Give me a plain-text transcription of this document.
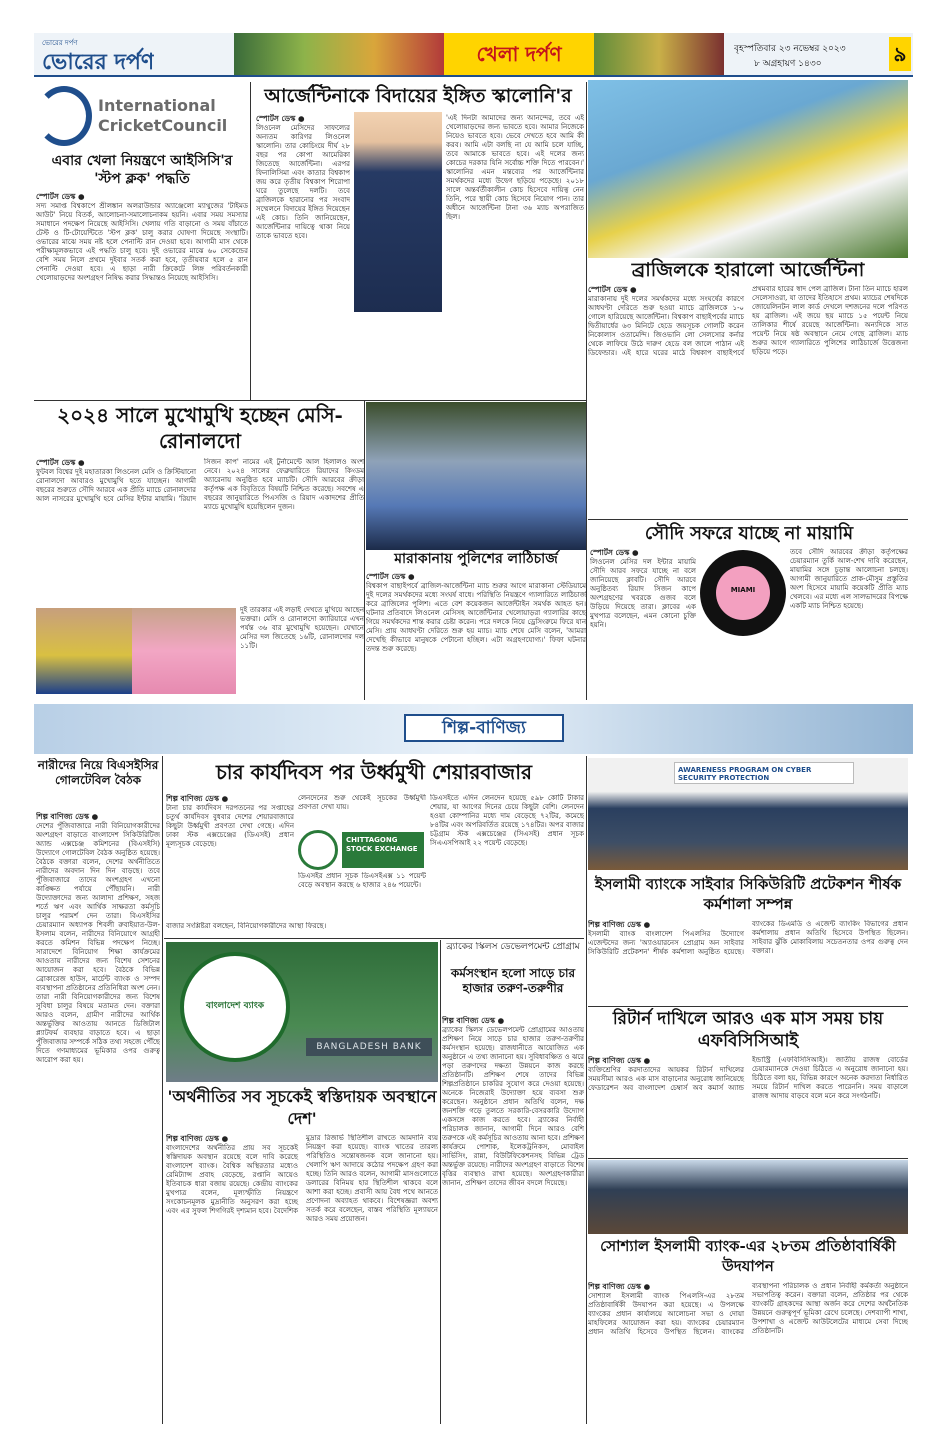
ভোরের দর্পণ
ভোরের দর্পণ	খেলা দর্পণ	বৃহস্পতিবার ২৩ নভেম্বর ২০২৩
৮ অগ্রহায়ণ ১৪৩০	৯
International
CricketCouncil
এবার খেলা নিয়ন্ত্রণে আইসিসি'র 'স্টপ ক্লক' পদ্ধতি
স্পোর্টস ডেস্ক ●
সদ্য সমাপ্ত বিশ্বকাপে শ্রীলঙ্কান অলরাউন্ডার অ্যাঞ্জেলো ম্যাথুজের 'টাইমড আউট' নিয়ে বিতর্ক, আলোচনা-সমালোচনাকম হয়নি। এবার সময় সমস্যার সমাধানে পদক্ষেপ নিয়েছে আইসিসি। খেলায় গতি বাড়ানো ও সময় বাঁচাতে টেস্ট ও টি-টোয়েন্টিতে 'স্টপ ক্লক' চালু করার ঘোষণা দিয়েছে সংস্থাটি। ওভারের মাঝে সময় নষ্ট হলে পেনাল্টি রান দেওয়া হবে। আগামী মাস থেকে পরীক্ষামূলকভাবে এই পদ্ধতি চালু হবে। দুই ওভারের মাঝে ৬০ সেকেন্ডের বেশি সময় নিলে প্রথমে দুইবার সতর্ক করা হবে, তৃতীয়বার হলে ৫ রান পেনাল্টি দেওয়া হবে। এ ছাড়া নারী ক্রিকেটে লিঙ্গ পরিবর্তনকারী খেলোয়াড়দের অংশগ্রহণ নিষিদ্ধ করার সিদ্ধান্তও নিয়েছে আইসিসি।
আর্জেন্টিনাকে বিদায়ের ইঙ্গিত স্কালোনি'র
স্পোর্টস ডেস্ক ●
লিওনেল মেসিদের সাফল্যের অন্যতম কারিগর লিওনেল স্কালোনি। তার কোচিংয়ে দীর্ঘ ২৮ বছর পর কোপা আমেরিকা জিতেছে আর্জেন্টিনা। এরপর ফিনালিসিমা এবং কাতার বিশ্বকাপ জয় করে তৃতীয় বিশ্বকাপ শিরোপা ঘরে তুলেছে দলটি। তবে ব্রাজিলকে হারানোর পর সংবাদ সম্মেলনে বিদায়ের ইঙ্গিত দিয়েছেন এই কোচ। তিনি জানিয়েছেন, আর্জেন্টিনার দায়িত্বে থাকা নিয়ে তাকে ভাবতে হবে।
'এই দিনটা আমাদের জন্য আনন্দের, তবে এই খেলোয়াড়দের জন্য ভাবতে হবে। আমার নিজেকে নিয়েও ভাবতে হবে। ভেবে দেখতে হবে আমি কী করব। আমি এটা বলছি না যে আমি চলে যাচ্ছি, তবে আমাকে ভাবতে হবে। এই দলের জন্য কোচের দরকার যিনি সর্বোচ্চ শক্তি দিতে পারবেন।' স্কালোনির এমন মন্তব্যের পর আর্জেন্টিনার সমর্থকদের মধ্যে উদ্বেগ ছড়িয়ে পড়েছে। ২০১৮ সালে অন্তর্বর্তীকালীন কোচ হিসেবে দায়িত্ব নেন তিনি, পরে স্থায়ী কোচ হিসেবে নিয়োগ পান। তার অধীনে আর্জেন্টিনা টানা ৩৬ ম্যাচ অপরাজিত ছিল।
ব্রাজিলকে হারালো আর্জেন্টিনা
স্পোর্টস ডেস্ক ●
মারাকানায় দুই দলের সমর্থকদের মধ্যে সংঘর্ষের কারণে আধঘণ্টা দেরিতে শুরু হওয়া ম্যাচে ব্রাজিলকে ১-০ গোলে হারিয়েছে আর্জেন্টিনা। বিশ্বকাপ বাছাইপর্বের ম্যাচে দ্বিতীয়ার্ধের ৬৩ মিনিটে হেডে জয়সূচক গোলটি করেন নিকোলাস ওতামেন্দি। জিওভানি লো সেলসোর কর্নার থেকে লাফিয়ে উঠে দারুণ হেডে বল জালে পাঠান এই ডিফেন্ডার। এই হারে ঘরের মাঠে বিশ্বকাপ বাছাইপর্বে প্রথমবার হারের স্বাদ পেল ব্রাজিল। টানা তিন ম্যাচে হারল সেলেসাওরা, যা তাদের ইতিহাসে প্রথম। ম্যাচের শেষদিকে জোয়েলিনটন লাল কার্ড দেখলে দশজনের দলে পরিণত হয় ব্রাজিল। এই জয়ে ছয় ম্যাচে ১৫ পয়েন্ট নিয়ে তালিকার শীর্ষে রয়েছে আর্জেন্টিনা। অন্যদিকে সাত পয়েন্ট নিয়ে ষষ্ঠ অবস্থানে নেমে গেছে ব্রাজিল। ম্যাচ শুরুর আগে গ্যালারিতে পুলিশের লাঠিচার্জে উত্তেজনা ছড়িয়ে পড়ে।
২০২৪ সালে মুখোমুখি হচ্ছেন মেসি-রোনালদো
স্পোর্টস ডেস্ক ●
ফুটবল বিশ্বের দুই মহাতারকা লিওনেল মেসি ও ক্রিস্টিয়ানো রোনালদো আবারও মুখোমুখি হতে যাচ্ছেন। আগামী বছরের শুরুতে সৌদি আরবে এক প্রীতি ম্যাচে রোনালদোর আল নাসরের মুখোমুখি হবে মেসির ইন্টার মায়ামি। 'রিয়াদ সিজন কাপ' নামের এই টুর্নামেন্টে আল হিলালও অংশ নেবে। ২০২৪ সালের ফেব্রুয়ারিতে রিয়াদের কিংডম অ্যারেনায় অনুষ্ঠিত হবে ম্যাচটি। সৌদি আরবের ক্রীড়া কর্তৃপক্ষ এক বিবৃতিতে বিষয়টি নিশ্চিত করেছে। সবশেষ এ বছরের জানুয়ারিতে পিএসজি ও রিয়াদ একাদশের প্রীতি ম্যাচে মুখোমুখি হয়েছিলেন দুজন।
দুই তারকার এই লড়াই দেখতে মুখিয়ে আছেন ভক্তরা। মেসি ও রোনালদো ক্যারিয়ারে এখন পর্যন্ত ৩৬ বার মুখোমুখি হয়েছেন। যেখানে মেসির দল জিতেছে ১৬টি, রোনালদোর দল ১১টি।
মারাকানায় পুলিশের লাঠিচার্জ
স্পোর্টস ডেস্ক ●
বিশ্বকাপ বাছাইপর্বে ব্রাজিল-আর্জেন্টিনা ম্যাচ শুরুর আগে মারাকানা স্টেডিয়ামে দুই দলের সমর্থকদের মধ্যে সংঘর্ষ বাধে। পরিস্থিতি নিয়ন্ত্রণে গ্যালারিতে লাঠিচার্জ করে ব্রাজিলের পুলিশ। এতে বেশ কয়েকজন আর্জেন্টাইন সমর্থক আহত হন। ঘটনার প্রতিবাদে লিওনেল মেসিসহ আর্জেন্টিনার খেলোয়াড়রা গ্যালারির কাছে গিয়ে সমর্থকদের শান্ত করার চেষ্টা করেন। পরে দলকে নিয়ে ড্রেসিংরুমে ফিরে যান মেসি। প্রায় আধঘণ্টা দেরিতে শুরু হয় ম্যাচ। ম্যাচ শেষে মেসি বলেন, 'আমরা দেখেছি কীভাবে মানুষকে পেটানো হচ্ছিল। এটা অগ্রহণযোগ্য।' ফিফা ঘটনার তদন্ত শুরু করেছে।
সৌদি সফরে যাচ্ছে না মায়ামি
স্পোর্টস ডেস্ক ●
লিওনেল মেসির দল ইন্টার মায়ামি সৌদি আরব সফরে যাচ্ছে না বলে জানিয়েছে ক্লাবটি। সৌদি আরবে অনুষ্ঠিতব্য রিয়াদ সিজন কাপে অংশগ্রহণের খবরকে গুজব বলে উড়িয়ে দিয়েছে তারা। ক্লাবের এক মুখপাত্র বলেছেন, এমন কোনো চুক্তি হয়নি।
MIAMI
তবে সৌদি আরবের ক্রীড়া কর্তৃপক্ষের চেয়ারম্যান তুর্কি আল-শেখ দাবি করেছেন, মায়ামির সঙ্গে চূড়ান্ত আলোচনা চলছে। আগামী জানুয়ারিতে প্রাক-মৌসুম প্রস্তুতির অংশ হিসেবে মায়ামি কয়েকটি প্রীতি ম্যাচ খেলবে। এর মধ্যে এল সালভাদরের বিপক্ষে একটি ম্যাচ নিশ্চিত হয়েছে।
শিল্প-বাণিজ্য
নারীদের নিয়ে বিএসইসির গোলটেবিল বৈঠক
শিল্প বাণিজ্য ডেস্ক ●
দেশের পুঁজিবাজারে নারী বিনিয়োগকারীদের অংশগ্রহণ বাড়াতে বাংলাদেশ সিকিউরিটিজ অ্যান্ড এক্সচেঞ্জ কমিশনের (বিএসইসি) উদ্যোগে গোলটেবিল বৈঠক অনুষ্ঠিত হয়েছে। বৈঠকে বক্তারা বলেন, দেশের অর্থনীতিতে নারীদের অবদান দিন দিন বাড়ছে। তবে পুঁজিবাজারে তাদের অংশগ্রহণ এখনো কাঙ্ক্ষিত পর্যায়ে পৌঁছায়নি। নারী উদ্যোক্তাদের জন্য আলাদা প্রশিক্ষণ, সহজ শর্তে ঋণ এবং আর্থিক সাক্ষরতা কর্মসূচি চালুর পরামর্শ দেন তারা। বিএসইসির চেয়ারম্যান অধ্যাপক শিবলী রুবাইয়াত-উল-ইসলাম বলেন, নারীদের বিনিয়োগে আগ্রহী করতে কমিশন বিভিন্ন পদক্ষেপ নিচ্ছে। সারাদেশে বিনিয়োগ শিক্ষা কার্যক্রমের আওতায় নারীদের জন্য বিশেষ সেশনের আয়োজন করা হবে। বৈঠকে বিভিন্ন ব্রোকারেজ হাউস, মার্চেন্ট ব্যাংক ও সম্পদ ব্যবস্থাপনা প্রতিষ্ঠানের প্রতিনিধিরা অংশ নেন। তারা নারী বিনিয়োগকারীদের জন্য বিশেষ সুবিধা চালুর বিষয়ে মতামত দেন। বক্তারা আরও বলেন, গ্রামীণ নারীদের আর্থিক অন্তর্ভুক্তির আওতায় আনতে ডিজিটাল প্ল্যাটফর্ম ব্যবহার বাড়াতে হবে। এ ছাড়া পুঁজিবাজার সম্পর্কে সঠিক তথ্য সহজে পৌঁছে দিতে গণমাধ্যমের ভূমিকার ওপর গুরুত্ব আরোপ করা হয়।
চার কার্যদিবস পর উর্ধ্বমুখী শেয়ারবাজার
শিল্প বাণিজ্য ডেস্ক ●
টানা চার কার্যদিবস দরপতনের পর সপ্তাহের চতুর্থ কার্যদিবস বুধবার দেশের শেয়ারবাজারে কিছুটা উর্ধ্বমুখী প্রবণতা দেখা গেছে। এদিন ঢাকা স্টক এক্সচেঞ্জের (ডিএসই) প্রধান মূল্যসূচক বেড়েছে।
লেনদেনের শুরু থেকেই সূচকের উর্ধ্বমুখী প্রবণতা দেখা যায়।
CHITTAGONG STOCK EXCHANGE
ডিএসইর প্রধান সূচক ডিএসইএক্স ১১ পয়েন্ট বেড়ে অবস্থান করছে ৬ হাজার ২৪৬ পয়েন্টে।
ডিএসইতে এদিন লেনদেন হয়েছে ৫৯৮ কোটি টাকার শেয়ার, যা আগের দিনের চেয়ে কিছুটা বেশি। লেনদেন হওয়া কোম্পানির মধ্যে দাম বেড়েছে ৭২টির, কমেছে ৮৪টির এবং অপরিবর্তিত রয়েছে ১৭৪টির। অপর বাজার চট্টগ্রাম স্টক এক্সচেঞ্জের (সিএসই) প্রধান সূচক সিএএসপিআই ২২ পয়েন্ট বেড়েছে।
বাজার সংশ্লিষ্টরা বলছেন, বিনিয়োগকারীদের আস্থা ফিরছে।
বাংলাদেশ ব্যাংক
BANGLADESH BANK
'অর্থনীতির সব সূচকেই স্বস্তিদায়ক অবস্থানে দেশ'
শিল্প বাণিজ্য ডেস্ক ●
বাংলাদেশের অর্থনীতির প্রায় সব সূচকেই স্বস্তিদায়ক অবস্থান রয়েছে বলে দাবি করেছে বাংলাদেশ ব্যাংক। বৈশ্বিক অস্থিরতার মধ্যেও রেমিট্যান্স প্রবাহ বেড়েছে, রপ্তানি আয়েও ইতিবাচক ধারা বজায় রয়েছে। কেন্দ্রীয় ব্যাংকের মুখপাত্র বলেন, মূল্যস্ফীতি নিয়ন্ত্রণে সংকোচনমূলক মুদ্রানীতি অনুসরণ করা হচ্ছে এবং এর সুফল শিগগিরই দৃশ্যমান হবে। বৈদেশিক মুদ্রার রিজার্ভ স্থিতিশীল রাখতে আমদানি ব্যয় নিয়ন্ত্রণ করা হয়েছে। ব্যাংক খাতের তারল্য পরিস্থিতিও সন্তোষজনক বলে জানানো হয়। খেলাপি ঋণ আদায়ে কঠোর পদক্ষেপ গ্রহণ করা হচ্ছে। তিনি আরও বলেন, আগামী মাসগুলোতে ডলারের বিনিময় হার স্থিতিশীল থাকবে বলে আশা করা হচ্ছে। প্রবাসী আয় বৈধ পথে আনতে প্রণোদনা অব্যাহত থাকবে। বিশেষজ্ঞরা অবশ্য সতর্ক করে বলেছেন, বাস্তব পরিস্থিতি মূল্যায়নে আরও সময় প্রয়োজন।
ব্র্যাকের স্কিলস ডেভেলপমেন্ট প্রোগ্রাম
কর্মসংস্থান হলো সাড়ে চার হাজার তরুণ-তরুণীর
শিল্প বাণিজ্য ডেস্ক ●
ব্র্যাকের স্কিলস ডেভেলপমেন্ট প্রোগ্রামের আওতায় প্রশিক্ষণ নিয়ে সাড়ে চার হাজার তরুণ-তরুণীর কর্মসংস্থান হয়েছে। রাজধানীতে আয়োজিত এক অনুষ্ঠানে এ তথ্য জানানো হয়। সুবিধাবঞ্চিত ও ঝরে পড়া তরুণদের দক্ষতা উন্নয়নে কাজ করছে প্রতিষ্ঠানটি। প্রশিক্ষণ শেষে তাদের বিভিন্ন শিল্পপ্রতিষ্ঠানে চাকরির সুযোগ করে দেওয়া হয়েছে। অনেকে নিজেরাই উদ্যোক্তা হয়ে ব্যবসা শুরু করেছেন। অনুষ্ঠানে প্রধান অতিথি বলেন, দক্ষ জনশক্তি গড়ে তুলতে সরকারি-বেসরকারি উদ্যোগ একসঙ্গে কাজ করতে হবে। ব্র্যাকের নির্বাহী পরিচালক জানান, আগামী দিনে আরও বেশি তরুণকে এই কর্মসূচির আওতায় আনা হবে। প্রশিক্ষণ কার্যক্রমে পোশাক, ইলেকট্রনিকস, মোবাইল সার্ভিসিং, রান্না, বিউটিফিকেশনসহ বিভিন্ন ট্রেড অন্তর্ভুক্ত রয়েছে। নারীদের অংশগ্রহণ বাড়াতে বিশেষ বৃত্তির ব্যবস্থাও রাখা হয়েছে। অংশগ্রহণকারীরা জানান, প্রশিক্ষণ তাদের জীবন বদলে দিয়েছে।
AWARENESS PROGRAM ON CYBER SECURITY PROTECTION
ইসলামী ব্যাংকে সাইবার সিকিউরিটি প্রটেকশন শীর্ষক কর্মশালা সম্পন্ন
শিল্প বাণিজ্য ডেস্ক ●
ইসলামী ব্যাংক বাংলাদেশ পিএলসির উদ্যোগে এজেন্টদের জন্য 'অ্যাওয়ারনেস প্রোগ্রাম অন সাইবার সিকিউরিটি প্রটেকশন' শীর্ষক কর্মশালা অনুষ্ঠিত হয়েছে। ব্যাংকের ডিএমডি ও এজেন্ট ব্যাংকিং বিভাগের প্রধান কর্মশালায় প্রধান অতিথি হিসেবে উপস্থিত ছিলেন। সাইবার ঝুঁকি মোকাবিলায় সচেতনতার ওপর গুরুত্ব দেন বক্তারা।
রিটার্ন দাখিলে আরও এক মাস সময় চায় এফবিসিসিআই
শিল্প বাণিজ্য ডেস্ক ●
ব্যক্তিশ্রেণির করদাতাদের আয়কর রিটার্ন দাখিলের সময়সীমা আরও এক মাস বাড়ানোর অনুরোধ জানিয়েছে ফেডারেশন অব বাংলাদেশ চেম্বার্স অব কমার্স অ্যান্ড ইন্ডাস্ট্রি (এফবিসিসিআই)। জাতীয় রাজস্ব বোর্ডের চেয়ারম্যানকে দেওয়া চিঠিতে এ অনুরোধ জানানো হয়। চিঠিতে বলা হয়, বিভিন্ন কারণে অনেক করদাতা নির্ধারিত সময়ে রিটার্ন দাখিল করতে পারেননি। সময় বাড়ালে রাজস্ব আদায় বাড়বে বলে মনে করে সংগঠনটি।
সোশ্যাল ইসলামী ব্যাংক-এর ২৮তম প্রতিষ্ঠাবার্ষিকী উদযাপন
শিল্প বাণিজ্য ডেস্ক ●
সোশ্যাল ইসলামী ব্যাংক পিএলসি-এর ২৮তম প্রতিষ্ঠাবার্ষিকী উদযাপন করা হয়েছে। এ উপলক্ষে ব্যাংকের প্রধান কার্যালয়ে আলোচনা সভা ও দোয়া মাহফিলের আয়োজন করা হয়। ব্যাংকের চেয়ারম্যান প্রধান অতিথি হিসেবে উপস্থিত ছিলেন। ব্যাংকের ব্যবস্থাপনা পরিচালক ও প্রধান নির্বাহী কর্মকর্তা অনুষ্ঠানে সভাপতিত্ব করেন। বক্তারা বলেন, প্রতিষ্ঠার পর থেকে ব্যাংকটি গ্রাহকদের আস্থা অর্জন করে দেশের অর্থনৈতিক উন্নয়নে গুরুত্বপূর্ণ ভূমিকা রেখে চলেছে। দেশব্যাপী শাখা, উপশাখা ও এজেন্ট আউটলেটের মাধ্যমে সেবা দিচ্ছে প্রতিষ্ঠানটি।
